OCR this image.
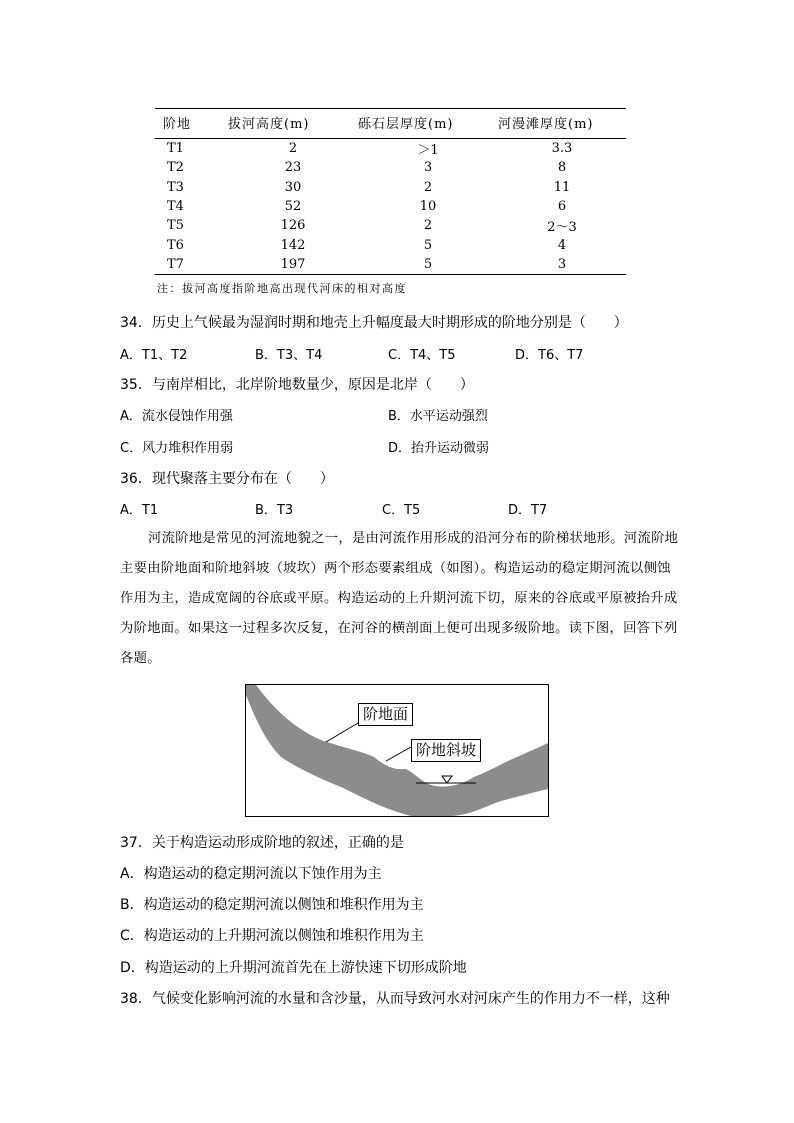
阶地	拔河高度(m)	砾石层厚度(m)	河漫滩厚度(m)
T1	2	＞1	3.3
T2	23	3	8
T3	30	2	11
T4	52	10	6
T5	126	2	2～3
T6	142	5	4
T7	197	5	3
注：拔河高度指阶地高出现代河床的相对高度
34．历史上气候最为湿润时期和地壳上升幅度最大时期形成的阶地分别是（　　）
A．T1、T2	B．T3、T4	C．T4、T5	D．T6、T7
35．与南岸相比，北岸阶地数量少，原因是北岸（　　）
A．流水侵蚀作用强	B．水平运动强烈
C．风力堆积作用弱	D．抬升运动微弱
36．现代聚落主要分布在（　　）
A．T1	B．T3	C．T5	D．T7
河流阶地是常见的河流地貌之一，是由河流作用形成的沿河分布的阶梯状地形。河流阶地主要由阶地面和阶地斜坡（坡坎）两个形态要素组成（如图）。构造运动的稳定期河流以侧蚀作用为主，造成宽阔的谷底或平原。构造运动的上升期河流下切，原来的谷底或平原被抬升成为阶地面。如果这一过程多次反复，在河谷的横剖面上便可出现多级阶地。读下图，回答下列各题。
阶地面
阶地斜坡
37．关于构造运动形成阶地的叙述，正确的是
A．构造运动的稳定期河流以下蚀作用为主
B．构造运动的稳定期河流以侧蚀和堆积作用为主
C．构造运动的上升期河流以侧蚀和堆积作用为主
D．构造运动的上升期河流首先在上游快速下切形成阶地
38．气候变化影响河流的水量和含沙量，从而导致河水对河床产生的作用力不一样，这种
